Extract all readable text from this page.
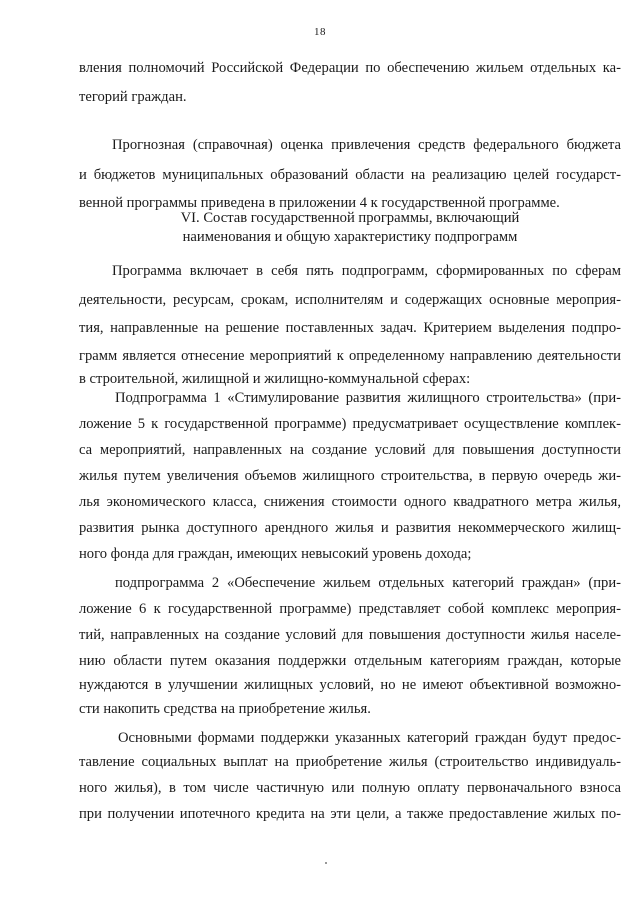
18
вления полномочий Российской Федерации по обеспечению жильем отдельных ка-
тегорий граждан.
Прогнозная (справочная) оценка привлечения средств федерального бюджета
и бюджетов муниципальных образований области на реализацию целей государст-
венной программы приведена в приложении 4 к государственной программе.
VI. Состав государственной программы, включающий
наименования и общую характеристику подпрограмм
Программа включает в себя пять подпрограмм, сформированных по сферам
деятельности, ресурсам, срокам, исполнителям и содержащих основные мероприя-
тия, направленные на решение поставленных задач. Критерием выделения подпро-
грамм является отнесение мероприятий к определенному направлению деятельности
в строительной, жилищной и жилищно-коммунальной сферах:
Подпрограмма 1 «Стимулирование развития жилищного строительства» (при-
ложение 5 к государственной программе) предусматривает осуществление комплек-
са мероприятий, направленных на создание условий для повышения доступности
жилья путем увеличения объемов жилищного строительства, в первую очередь жи-
лья экономического класса, снижения стоимости одного квадратного метра жилья,
развития рынка доступного арендного жилья и развития некоммерческого жилищ-
ного фонда для граждан, имеющих невысокий уровень дохода;
подпрограмма 2 «Обеспечение жильем отдельных категорий граждан» (при-
ложение 6 к государственной программе) представляет собой комплекс мероприя-
тий, направленных на создание условий для повышения доступности жилья населе-
нию области путем оказания поддержки отдельным категориям граждан, которые
нуждаются в улучшении жилищных условий, но не имеют объективной возможно-
сти накопить средства на приобретение жилья.
Основными формами поддержки указанных категорий граждан будут предос-
тавление социальных выплат на приобретение жилья (строительство индивидуаль-
ного жилья), в том числе частичную или полную оплату первоначального взноса
при получении ипотечного кредита на эти цели, а также предоставление жилых по-
